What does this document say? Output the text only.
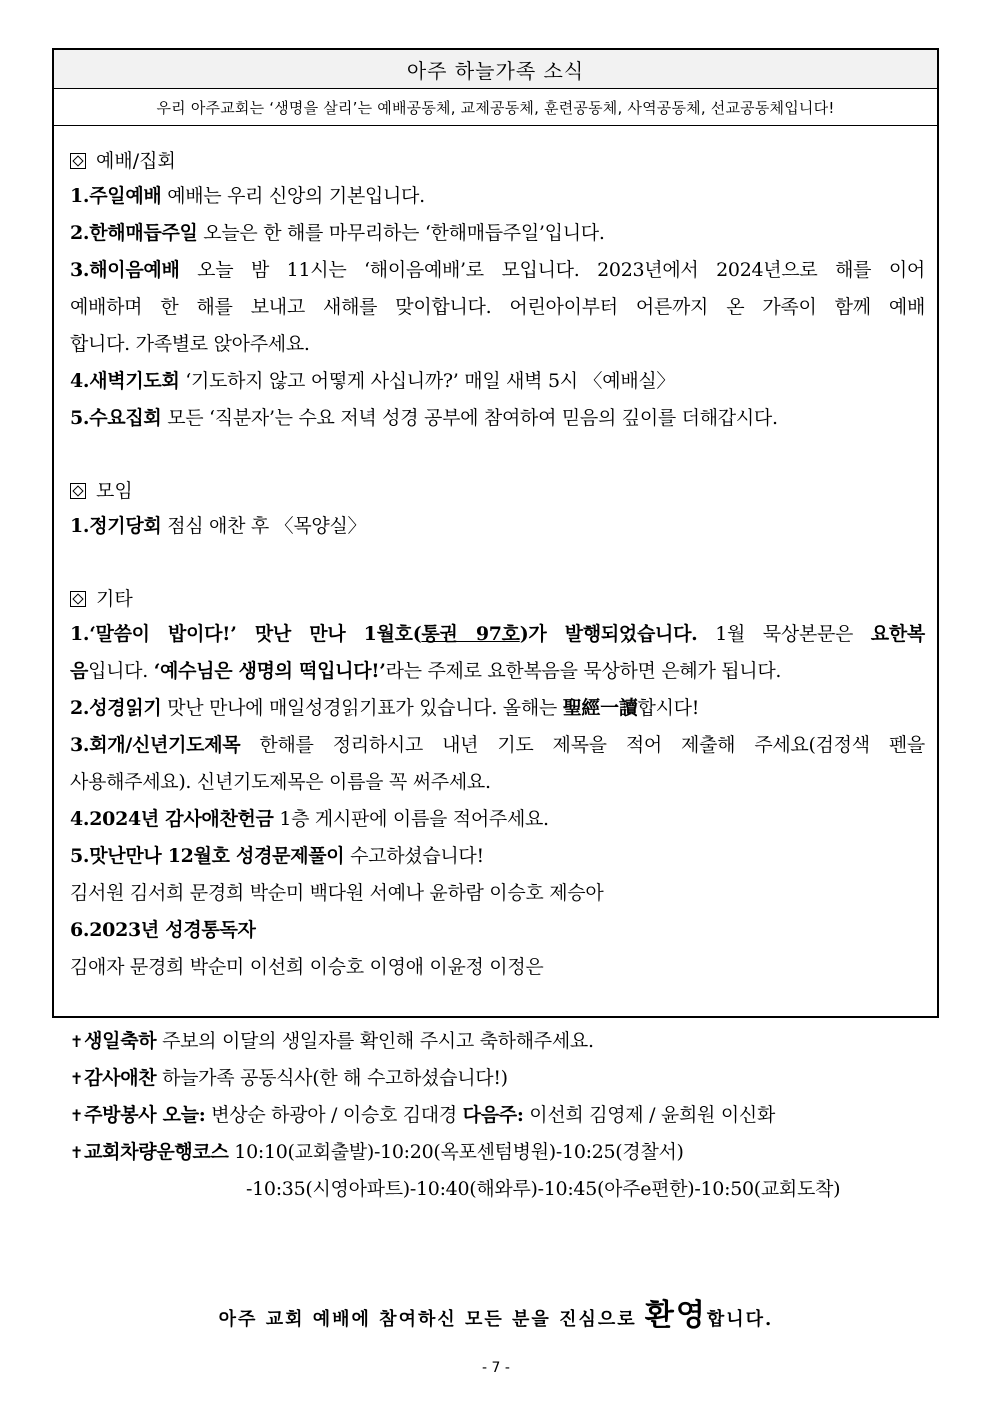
아주 하늘가족 소식
우리 아주교회는 ‘생명을 살리’는 예배공동체, 교제공동체, 훈련공동체, 사역공동체, 선교공동체입니다!
예배/집회
1.주일예배 예배는 우리 신앙의 기본입니다.
2.한해매듭주일 오늘은 한 해를 마무리하는 ‘한해매듭주일’입니다.
3.해이음예배 오늘 밤 11시는 ‘해이음예배’로 모입니다. 2023년에서 2024년으로 해를 이어
예배하며 한 해를 보내고 새해를 맞이합니다. 어린아이부터 어른까지 온 가족이 함께 예배
합니다. 가족별로 앉아주세요.
4.새벽기도회 ‘기도하지 않고 어떻게 사십니까?’ 매일 새벽 5시 〈예배실〉
5.수요집회 모든 ‘직분자’는 수요 저녁 성경 공부에 참여하여 믿음의 깊이를 더해갑시다.
모임
1.정기당회 점심 애찬 후 〈목양실〉
기타
1.‘말씀이 밥이다!’ 맛난 만나 1월호(통권 97호)가 발행되었습니다. 1월 묵상본문은 요한복
음입니다. ‘예수님은 생명의 떡입니다!’라는 주제로 요한복음을 묵상하면 은혜가 됩니다.
2.성경읽기 맛난 만나에 매일성경읽기표가 있습니다. 올해는 聖經一讀합시다!
3.회개/신년기도제목 한해를 정리하시고 내년 기도 제목을 적어 제출해 주세요(검정색 펜을
사용해주세요). 신년기도제목은 이름을 꼭 써주세요.
4.2024년 감사애찬헌금 1층 게시판에 이름을 적어주세요.
5.맛난만나 12월호 성경문제풀이 수고하셨습니다!
김서원 김서희 문경희 박순미 백다원 서예나 윤하람 이승호 제승아
6.2023년 성경통독자
김애자 문경희 박순미 이선희 이승호 이영애 이윤정 이정은
✝생일축하 주보의 이달의 생일자를 확인해 주시고 축하해주세요.
✝감사애찬 하늘가족 공동식사(한 해 수고하셨습니다!)
✝주방봉사 오늘: 변상순 하광아 / 이승호 김대경 다음주: 이선희 김영제 / 윤희원 이신화
✝교회차량운행코스 10:10(교회출발)-10:20(옥포센텀병원)-10:25(경찰서)
-10:35(시영아파트)-10:40(해와루)-10:45(아주e편한)-10:50(교회도착)
아주 교회 예배에 참여하신 모든 분을 진심으로 환영합니다.
- 7 -
